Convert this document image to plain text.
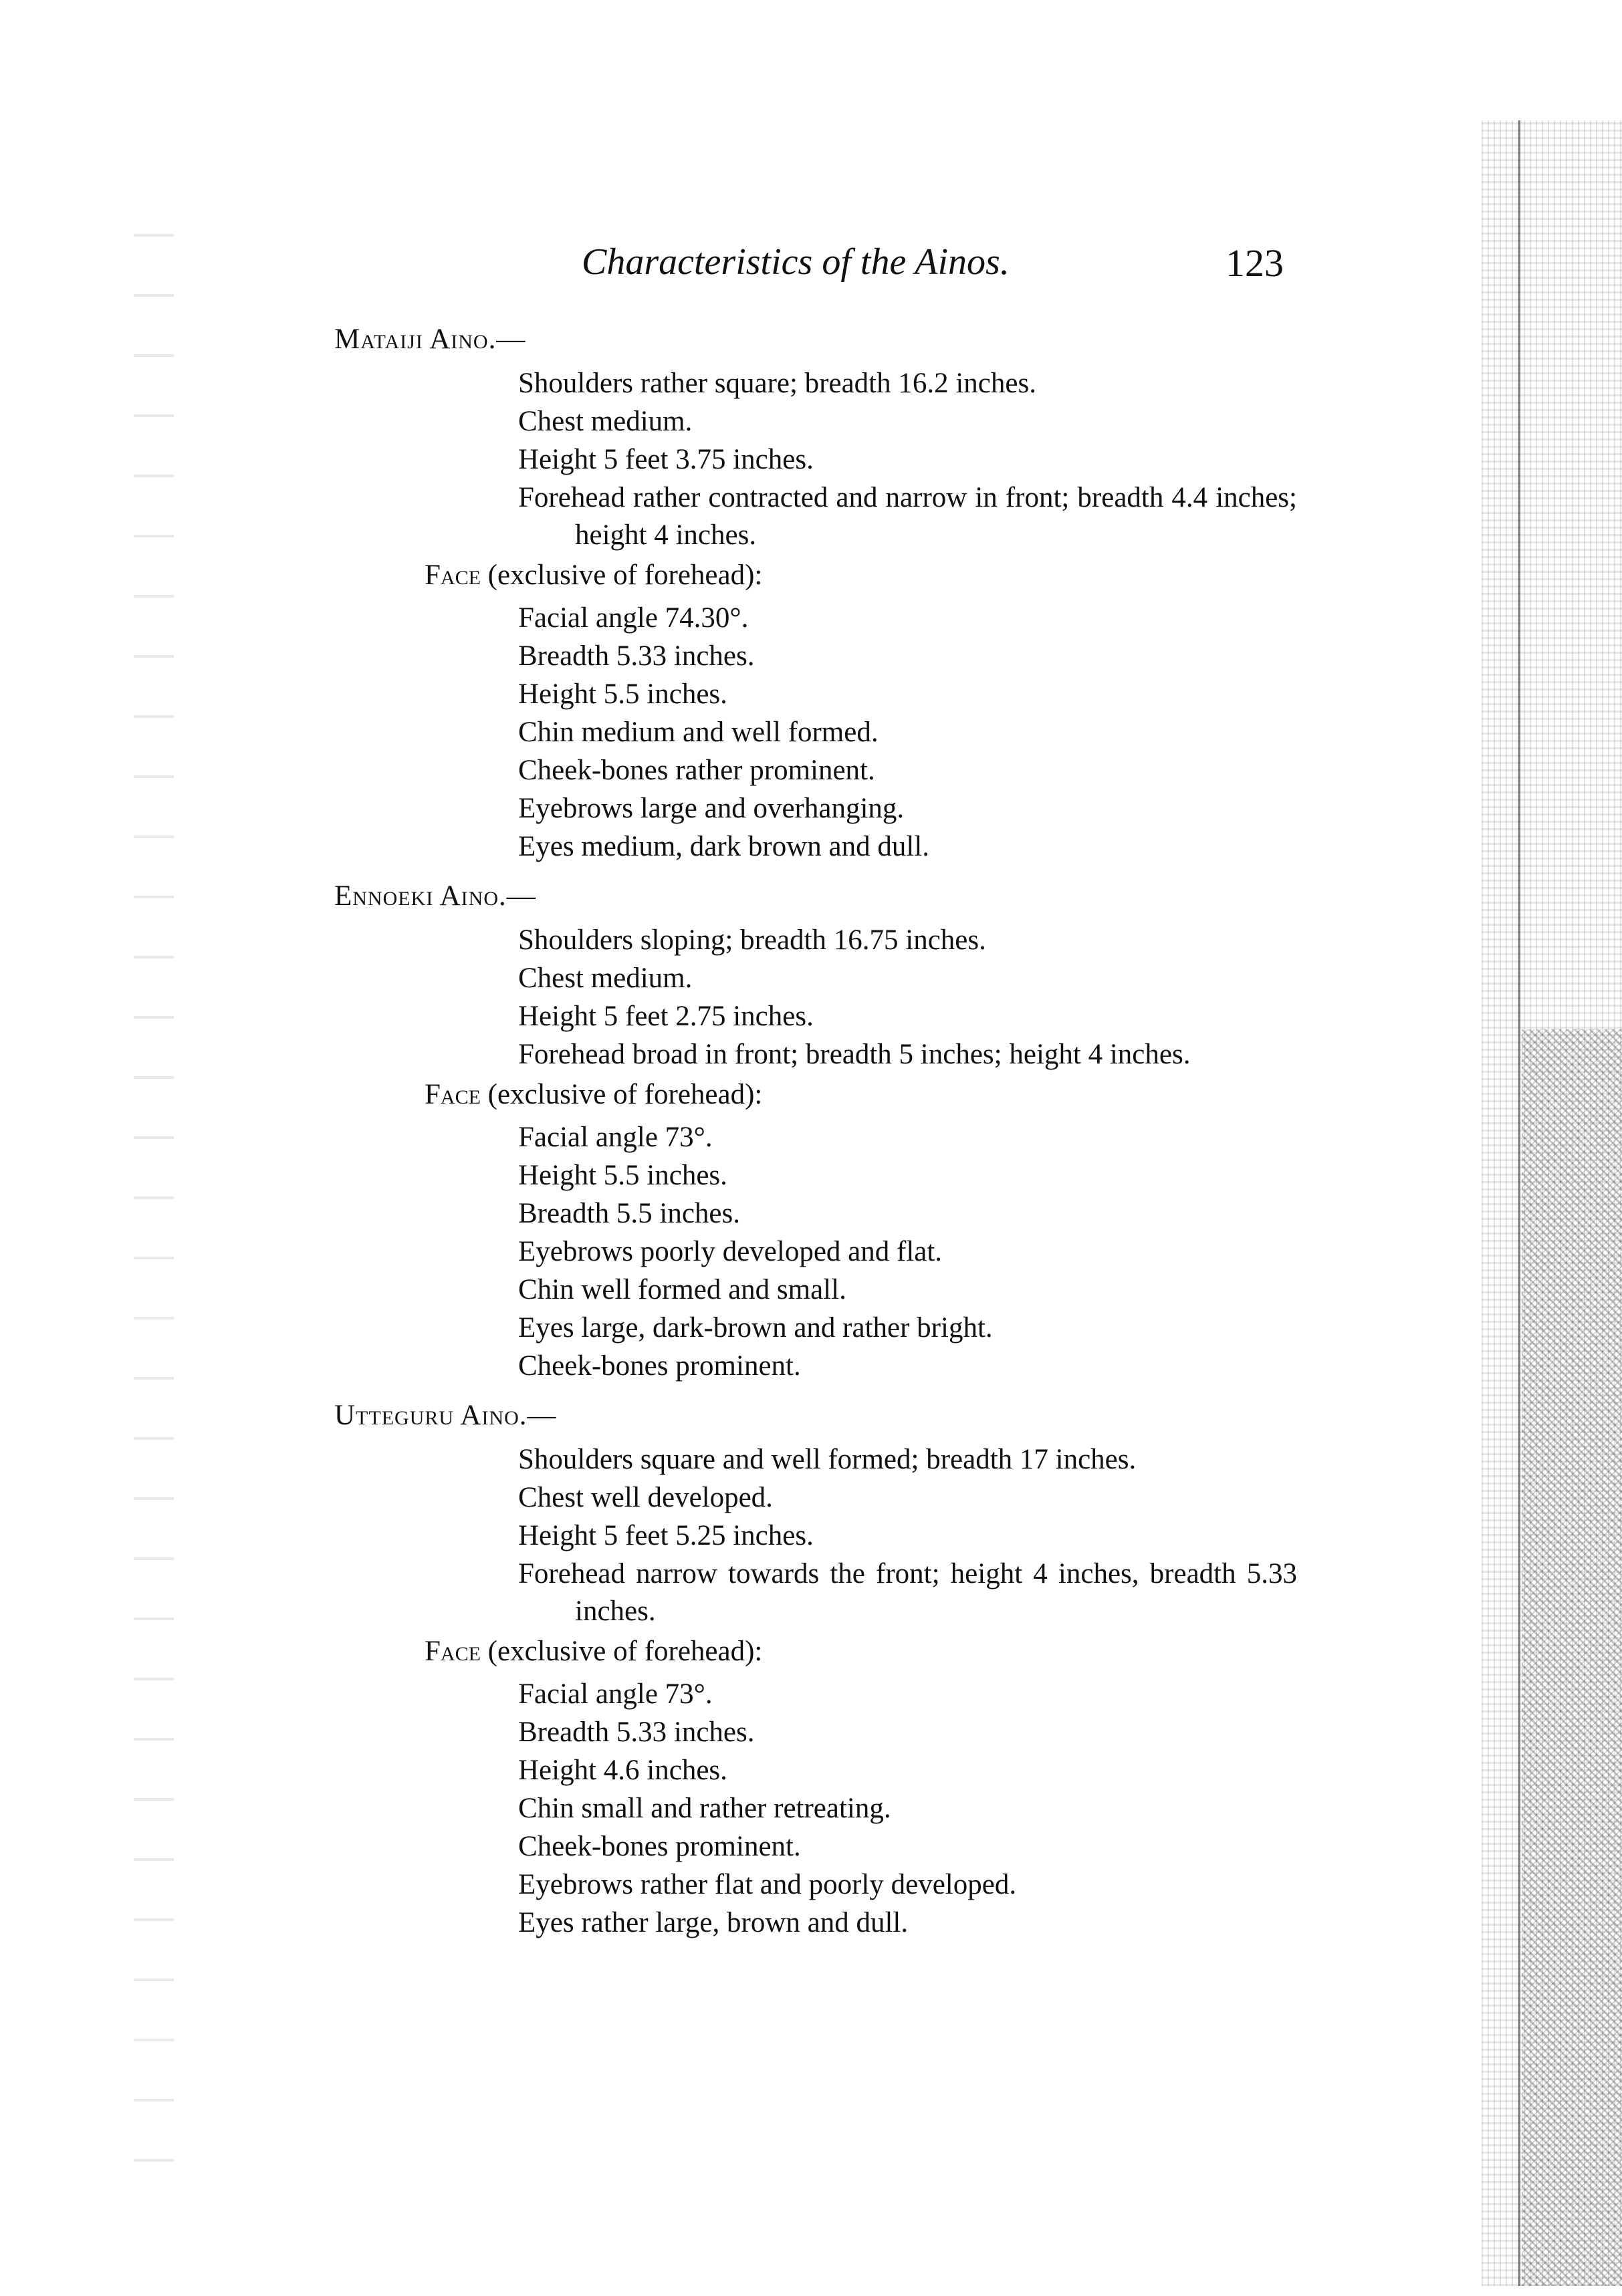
Characteristics of the Ainos.	123
Mataiji Aino.—
Shoulders rather square; breadth 16.2 inches.
Chest medium.
Height 5 feet 3.75 inches.
Forehead rather contracted and narrow in front; breadth 4.4 inches; height 4 inches.
Face (exclusive of forehead):
Facial angle 74.30°.
Breadth 5.33 inches.
Height 5.5 inches.
Chin medium and well formed.
Cheek-bones rather prominent.
Eyebrows large and overhanging.
Eyes medium, dark brown and dull.
Ennoeki Aino.—
Shoulders sloping; breadth 16.75 inches.
Chest medium.
Height 5 feet 2.75 inches.
Forehead broad in front; breadth 5 inches; height 4 inches.
Face (exclusive of forehead):
Facial angle 73°.
Height 5.5 inches.
Breadth 5.5 inches.
Eyebrows poorly developed and flat.
Chin well formed and small.
Eyes large, dark-brown and rather bright.
Cheek-bones prominent.
Utteguru Aino.—
Shoulders square and well formed; breadth 17 inches.
Chest well developed.
Height 5 feet 5.25 inches.
Forehead narrow towards the front; height 4 inches, breadth 5.33 inches.
Face (exclusive of forehead):
Facial angle 73°.
Breadth 5.33 inches.
Height 4.6 inches.
Chin small and rather retreating.
Cheek-bones prominent.
Eyebrows rather flat and poorly developed.
Eyes rather large, brown and dull.
